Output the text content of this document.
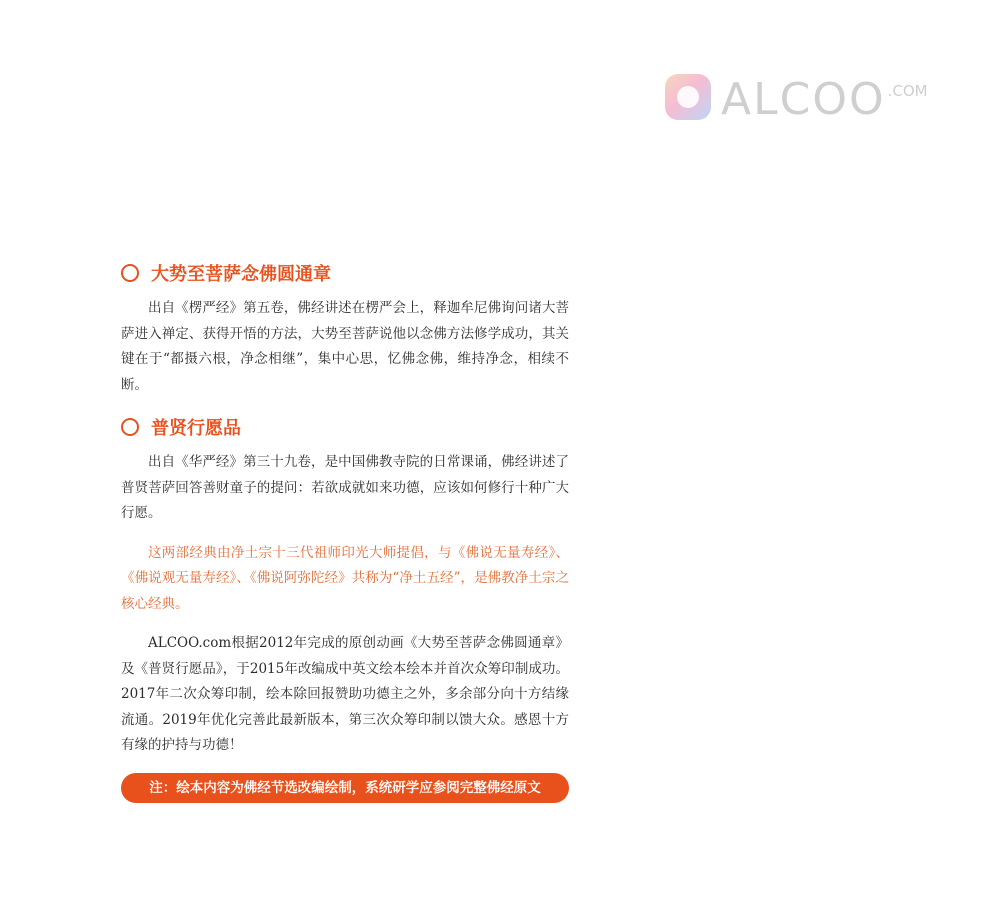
ALCOO .COM
大势至菩萨念佛圆通章

出自《楞严经》第五卷，佛经讲述在楞严会上，释迦牟尼佛询问诸大菩萨进入禅定、获得开悟的方法，大势至菩萨说他以念佛方法修学成功，其关键在于“都摄六根，净念相继”，集中心思，忆佛念佛，维持净念，相续不断。

普贤行愿品

出自《华严经》第三十九卷，是中国佛教寺院的日常课诵，佛经讲述了普贤菩萨回答善财童子的提问：若欲成就如来功德，应该如何修行十种广大行愿。

这两部经典由净土宗十三代祖师印光大师提倡，与《佛说无量寿经》、《佛说观无量寿经》、《佛说阿弥陀经》共称为“净土五经”，是佛教净土宗之核心经典。

ALCOO.com根据2012年完成的原创动画《大势至菩萨念佛圆通章》及《普贤行愿品》，于2015年改编成中英文绘本绘本并首次众筹印制成功。2017年二次众筹印制，绘本除回报赞助功德主之外，多余部分向十方结缘流通。2019年优化完善此最新版本，第三次众筹印制以馈大众。感恩十方有缘的护持与功德！

注：绘本内容为佛经节选改编绘制，系统研学应参阅完整佛经原文
